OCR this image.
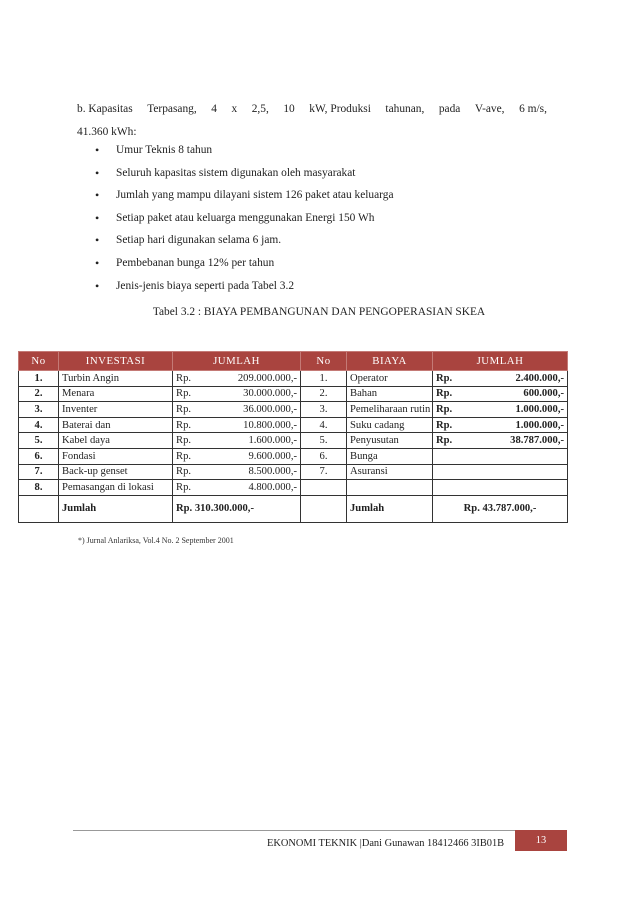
b. Kapasitas Terpasang, 4 x 2,5, 10 kW, Produksi tahunan, pada V-ave, 6 m/s,
41.360 kWh:
• Umur Teknis 8 tahun
• Seluruh kapasitas sistem digunakan oleh masyarakat
• Jumlah yang mampu dilayani sistem 126 paket atau keluarga
• Setiap paket atau keluarga menggunakan Energi 150 Wh
• Setiap hari digunakan selama 6 jam.
• Pembebanan bunga 12% per tahun
• Jenis-jenis biaya seperti pada Tabel 3.2
Tabel 3.2 : BIAYA PEMBANGUNAN DAN PENGOPERASIAN SKEA
No	INVESTASI	JUMLAH	No	BIAYA	JUMLAH
1.	Turbin Angin	Rp. 209.000.000,-	1.	Operator	Rp. 2.400.000,-

2.	Menara	Rp. 30.000.000,-	2.	Bahan	Rp. 600.000,-

3.	Inventer	Rp. 36.000.000,-	3.	Pemeliharaan rutin	Rp. 1.000.000,-

4.	Baterai dan	Rp. 10.800.000,-	4.	Suku cadang	Rp. 1.000.000,-

5.	Kabel daya	Rp. 1.600.000,-	5.	Penyusutan	Rp. 38.787.000,-

6.	Fondasi	Rp. 9.600.000,-	6.	Bunga	

7.	Back-up genset	Rp. 8.500.000,-	7.	Asuransi	

8.	Pemasangan di lokasi	Rp. 4.800.000,-			

	Jumlah	Rp. 310.300.000,-		Jumlah	Rp. 43.787.000,-
*) Jurnal Anlariksa, Vol.4 No. 2 September 2001
EKONOMI TEKNIK |Dani Gunawan 18412466 3IB01B	13
